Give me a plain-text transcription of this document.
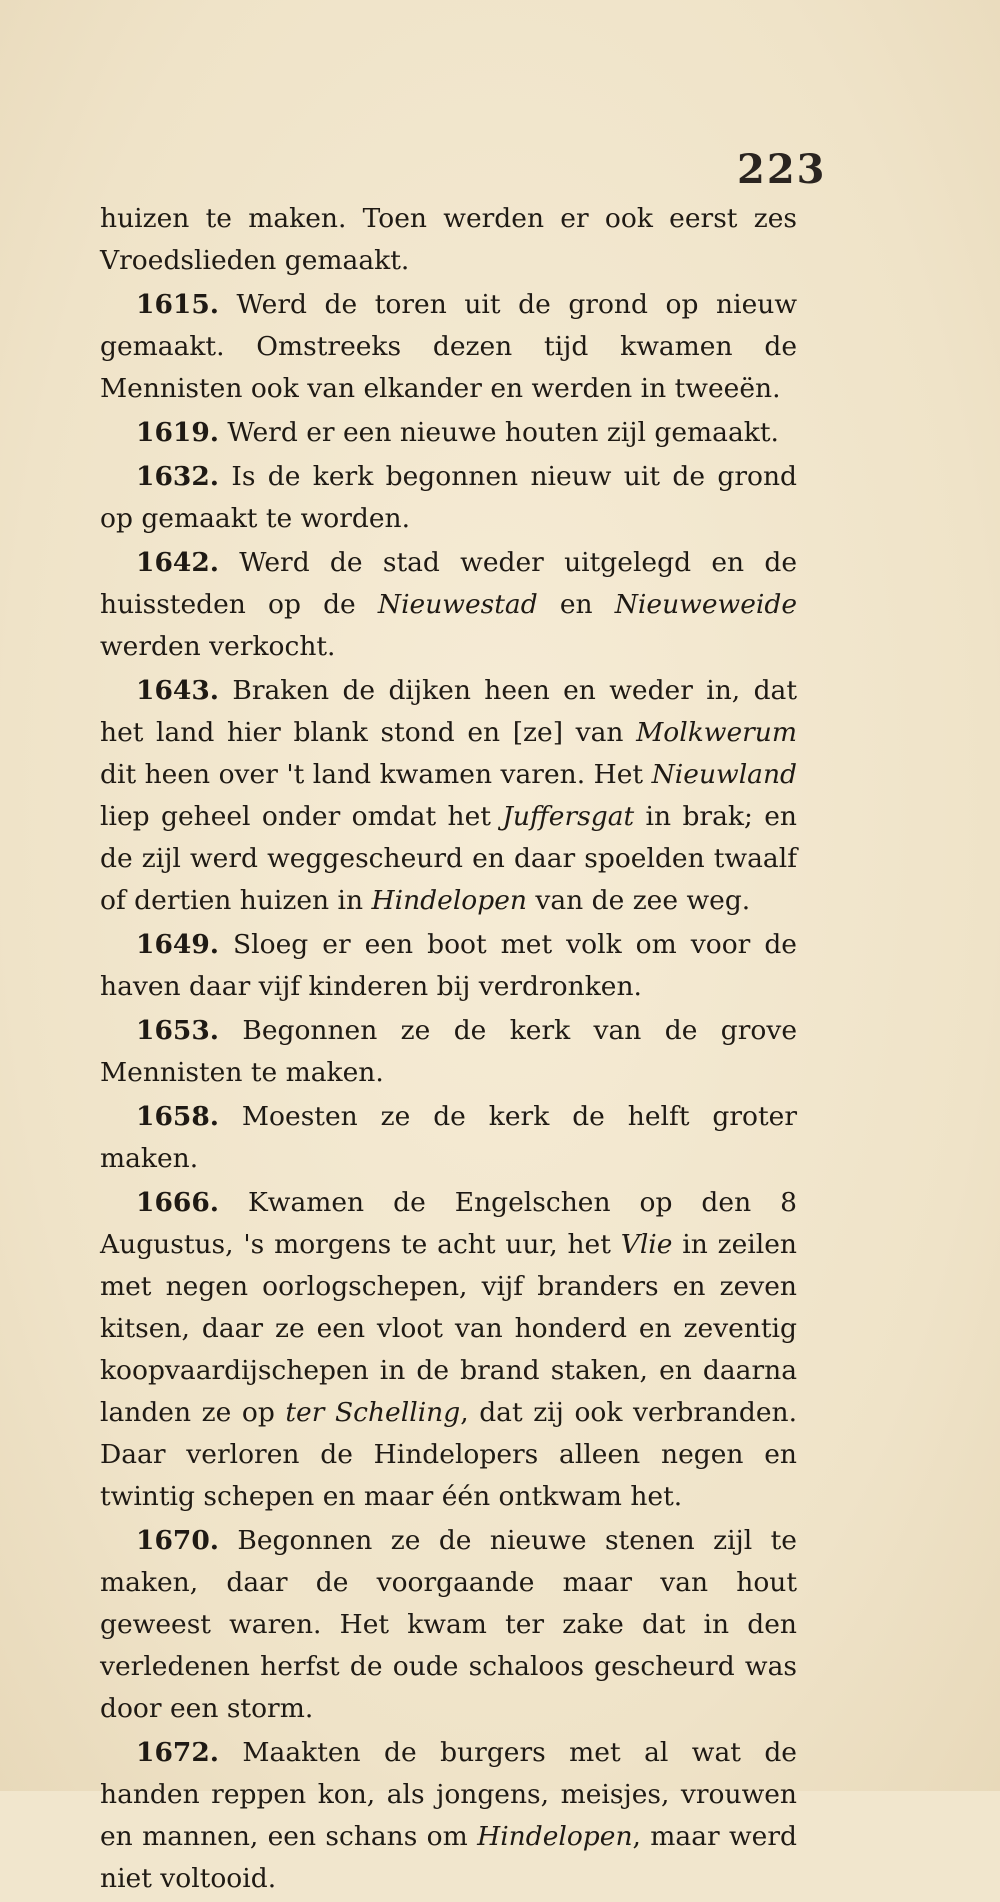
223

huizen te maken. Toen werden er ook eerst zes Vroedslieden gemaakt.

1615. Werd de toren uit de grond op nieuw gemaakt. Omstreeks dezen tijd kwamen de Mennisten ook van elkander en werden in tweeën.

1619. Werd er een nieuwe houten zijl gemaakt.

1632. Is de kerk begonnen nieuw uit de grond op gemaakt te worden.

1642. Werd de stad weder uitgelegd en de huissteden op de Nieuwestad en Nieuweweide werden verkocht.

1643. Braken de dijken heen en weder in, dat het land hier blank stond en [ze] van Molkwerum dit heen over 't land kwamen varen. Het Nieuwland liep geheel onder omdat het Juffersgat in brak; en de zijl werd weggescheurd en daar spoelden twaalf of dertien huizen in Hindelopen van de zee weg.

1649. Sloeg er een boot met volk om voor de haven daar vijf kinderen bij verdronken.

1653. Begonnen ze de kerk van de grove Mennisten te maken.

1658. Moesten ze de kerk de helft groter maken.

1666. Kwamen de Engelschen op den 8 Augustus, 's morgens te acht uur, het Vlie in zeilen met negen oorlogschepen, vijf branders en zeven kitsen, daar ze een vloot van honderd en zeventig koopvaardijschepen in de brand staken, en daarna landen ze op ter Schelling, dat zij ook verbranden. Daar verloren de Hindelopers alleen negen en twintig schepen en maar één ontkwam het.

1670. Begonnen ze de nieuwe stenen zijl te maken, daar de voorgaande maar van hout geweest waren. Het kwam ter zake dat in den verledenen herfst de oude schaloos gescheurd was door een storm.

1672. Maakten de burgers met al wat de handen reppen kon, als jongens, meisjes, vrouwen en mannen, een schans om Hindelopen, maar werd niet voltooid.
